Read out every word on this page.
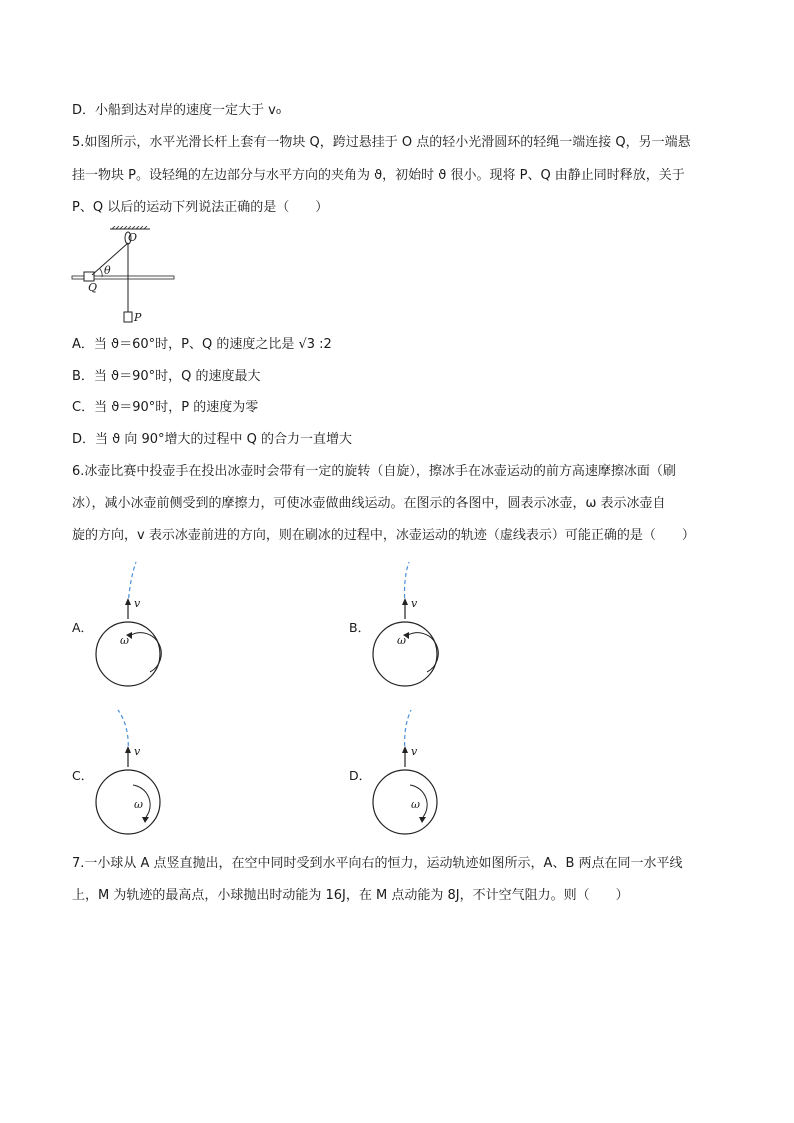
D．小船到达对岸的速度一定大于 v₀
5.如图所示，水平光滑长杆上套有一物块 Q，跨过悬挂于 O 点的轻小光滑圆环的轻绳一端连接 Q，另一端悬
挂一物块 P。设轻绳的左边部分与水平方向的夹角为 ϑ，初始时 ϑ 很小。现将 P、Q 由静止同时释放，关于
P、Q 以后的运动下列说法正确的是（　　）
O
θ
Q
P
A．当 ϑ＝60°时，P、Q 的速度之比是 √3 :2
B．当 ϑ＝90°时，Q 的速度最大
C．当 ϑ＝90°时，P 的速度为零
D．当 ϑ 向 90°增大的过程中 Q 的合力一直增大
6.冰壶比赛中投壶手在投出冰壶时会带有一定的旋转（自旋），擦冰手在冰壶运动的前方高速摩擦冰面（刷
冰），减小冰壶前侧受到的摩擦力，可使冰壶做曲线运动。在图示的各图中，圆表示冰壶，ω 表示冰壶自
旋的方向，v 表示冰壶前进的方向，则在刷冰的过程中，冰壶运动的轨迹（虚线表示）可能正确的是（　　）
A．
v
ω
B．
v
ω
C．
v
ω
D．
v
ω
7.一小球从 A 点竖直抛出，在空中同时受到水平向右的恒力，运动轨迹如图所示，A、B 两点在同一水平线
上，M 为轨迹的最高点，小球抛出时动能为 16J，在 M 点动能为 8J，不计空气阻力。则（　　）
